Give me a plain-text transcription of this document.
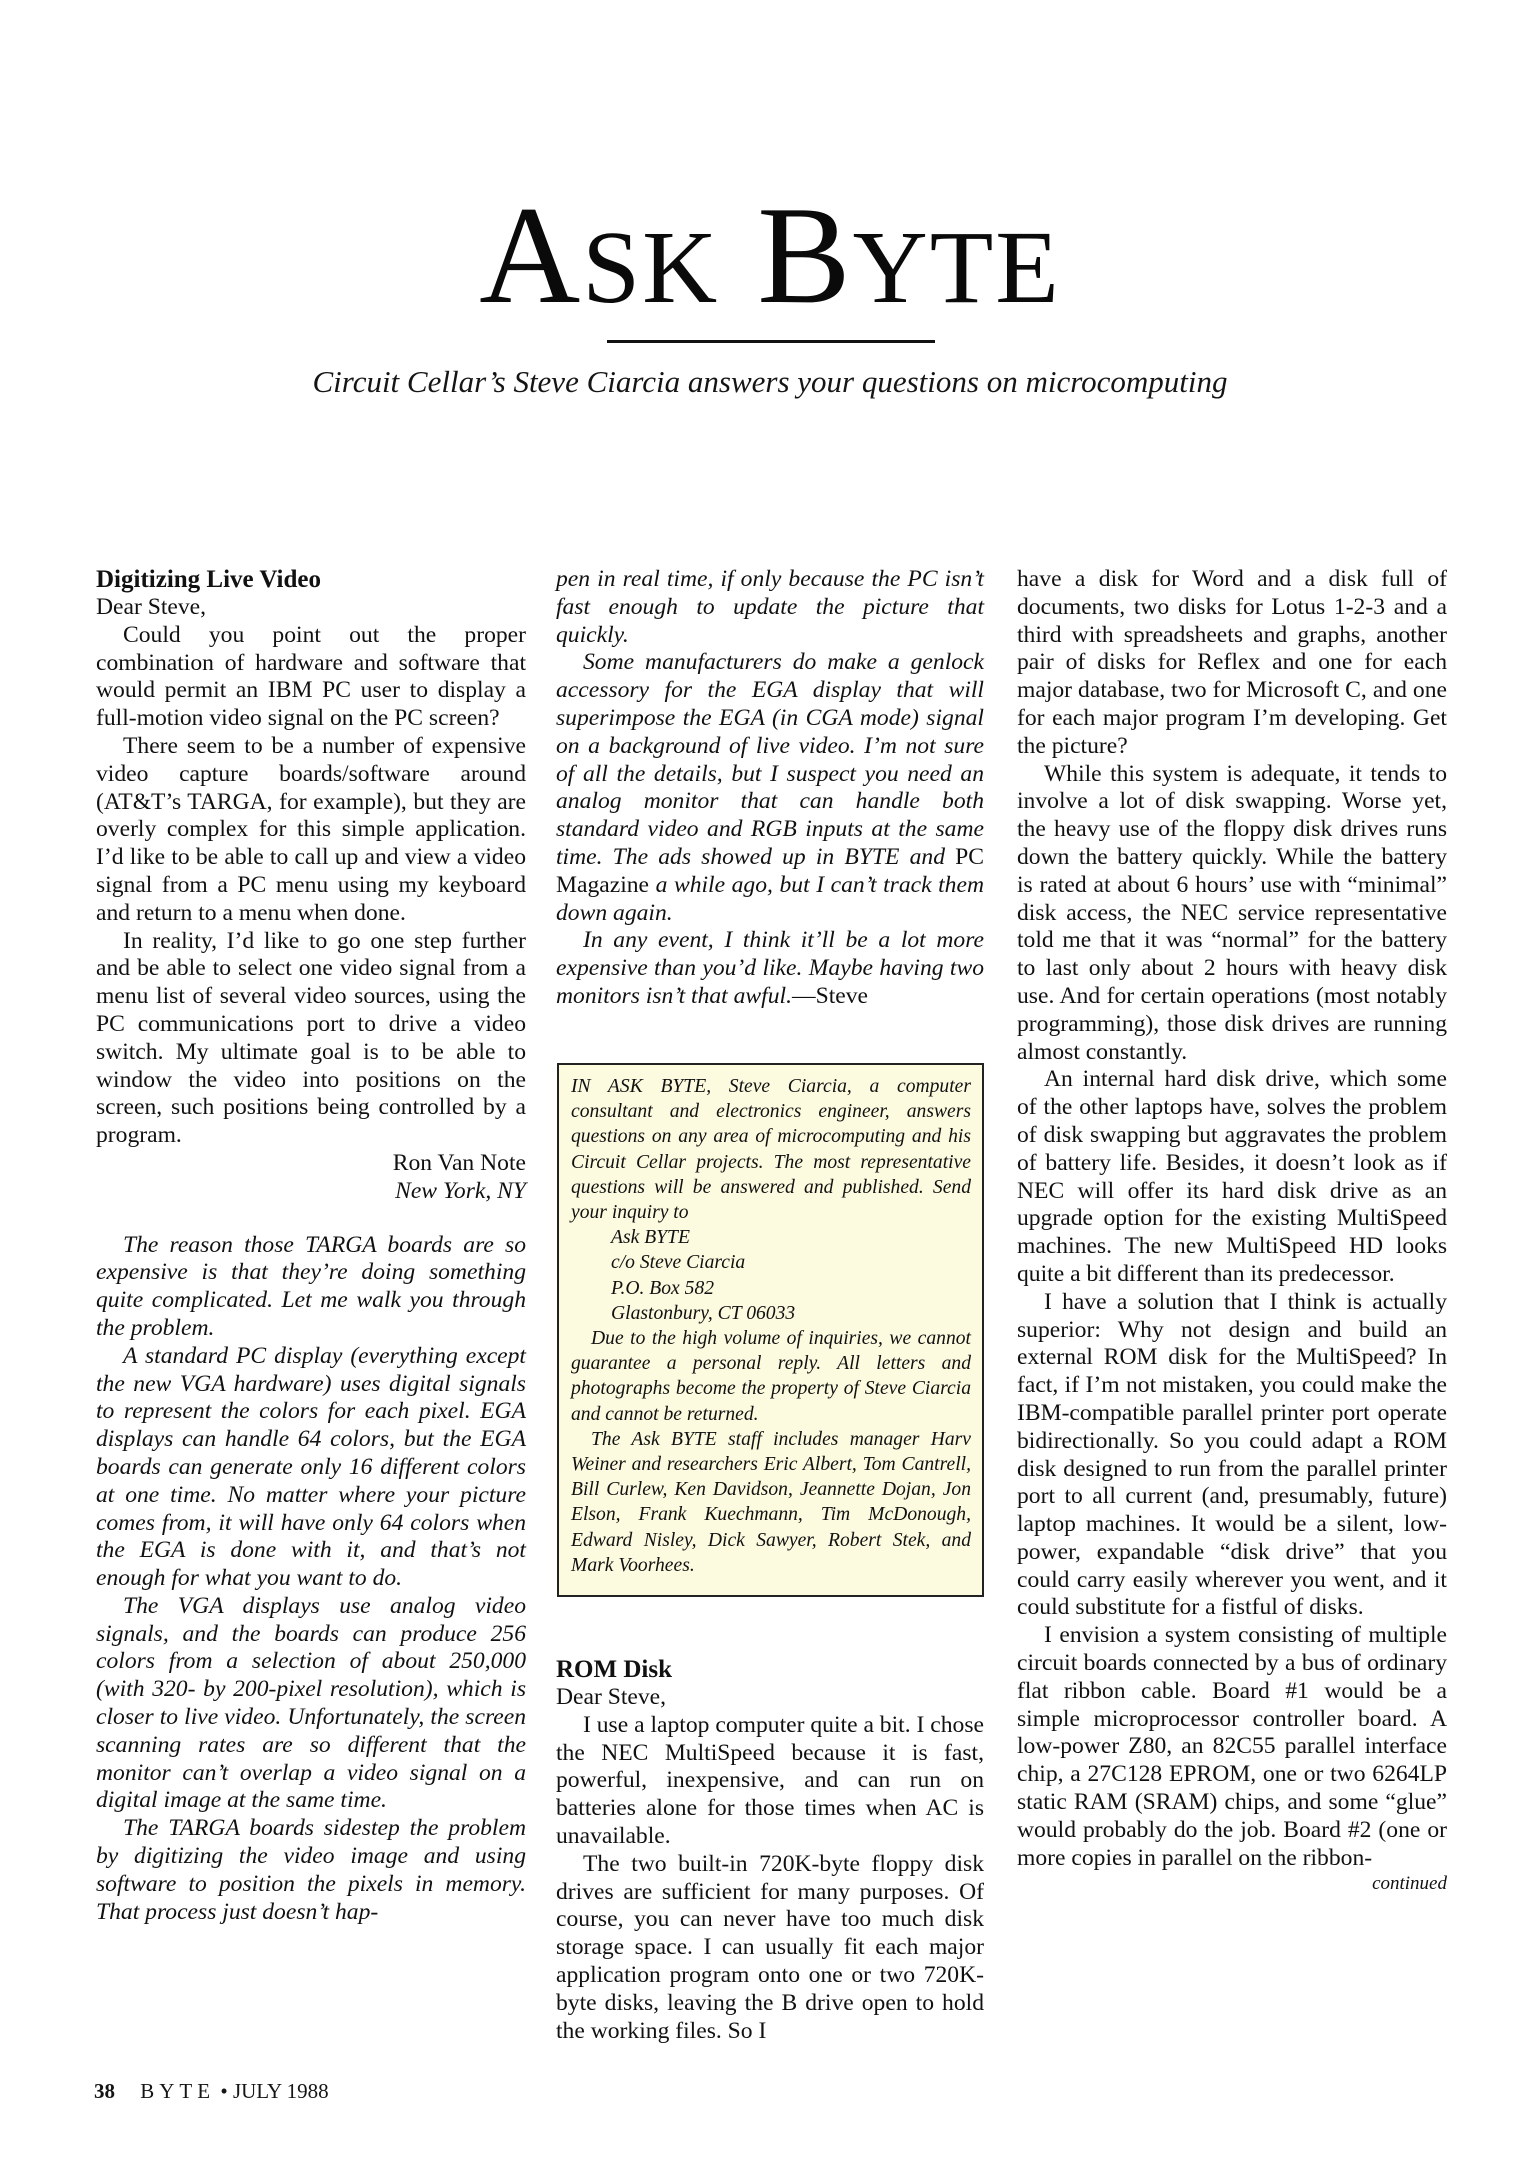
ASK BYTE
Circuit Cellar’s Steve Ciarcia answers your questions on microcomputing
Digitizing Live Video

Dear Steve,

Could you point out the proper combination of hardware and software that would permit an IBM PC user to display a full-motion video signal on the PC screen?

There seem to be a number of expensive video capture boards/software around (AT&T’s TARGA, for example), but they are overly complex for this simple application. I’d like to be able to call up and view a video signal from a PC menu using my keyboard and return to a menu when done.

In reality, I’d like to go one step further and be able to select one video signal from a menu list of several video sources, using the PC communications port to drive a video switch. My ultimate goal is to be able to window the video into positions on the screen, such positions being controlled by a program.

Ron Van Note

New York, NY

The reason those TARGA boards are so expensive is that they’re doing something quite complicated. Let me walk you through the problem.

A standard PC display (everything except the new VGA hardware) uses digital signals to represent the colors for each pixel. EGA displays can handle 64 colors, but the EGA boards can generate only 16 different colors at one time. No matter where your picture comes from, it will have only 64 colors when the EGA is done with it, and that’s not enough for what you want to do.

The VGA displays use analog video signals, and the boards can produce 256 colors from a selection of about 250,000 (with 320- by 200-pixel resolution), which is closer to live video. Unfortunately, the screen scanning rates are so different that the monitor can’t overlap a video signal on a digital image at the same time.

The TARGA boards sidestep the problem by digitizing the video image and using software to position the pixels in memory. That process just doesn’t hap-

pen in real time, if only because the PC isn’t fast enough to update the picture that quickly.

Some manufacturers do make a genlock accessory for the EGA display that will superimpose the EGA (in CGA mode) signal on a background of live video. I’m not sure of all the details, but I suspect you need an analog monitor that can handle both standard video and RGB inputs at the same time. The ads showed up in BYTE and PC Magazine a while ago, but I can’t track them down again.

In any event, I think it’ll be a lot more expensive than you’d like. Maybe having two monitors isn’t that awful.—Steve

IN ASK BYTE, Steve Ciarcia, a computer consultant and electronics engineer, answers questions on any area of microcomputing and his Circuit Cellar projects. The most representative questions will be answered and published. Send your inquiry to

Ask BYTE
c/o Steve Ciarcia
P.O. Box 582
Glastonbury, CT 06033

Due to the high volume of inquiries, we cannot guarantee a personal reply. All letters and photographs become the property of Steve Ciarcia and cannot be returned.

The Ask BYTE staff includes manager Harv Weiner and researchers Eric Albert, Tom Cantrell, Bill Curlew, Ken Davidson, Jeannette Dojan, Jon Elson, Frank Kuechmann, Tim McDonough, Edward Nisley, Dick Sawyer, Robert Stek, and Mark Voorhees.

ROM Disk

Dear Steve,

I use a laptop computer quite a bit. I chose the NEC MultiSpeed because it is fast, powerful, inexpensive, and can run on batteries alone for those times when AC is unavailable.

The two built-in 720K-byte floppy disk drives are sufficient for many purposes. Of course, you can never have too much disk storage space. I can usually fit each major application program onto one or two 720K-byte disks, leaving the B drive open to hold the working files. So I

have a disk for Word and a disk full of documents, two disks for Lotus 1-2-3 and a third with spreadsheets and graphs, another pair of disks for Reflex and one for each major database, two for Microsoft C, and one for each major program I’m developing. Get the picture?

While this system is adequate, it tends to involve a lot of disk swapping. Worse yet, the heavy use of the floppy disk drives runs down the battery quickly. While the battery is rated at about 6 hours’ use with “minimal” disk access, the NEC service representative told me that it was “normal” for the battery to last only about 2 hours with heavy disk use. And for certain operations (most notably programming), those disk drives are running almost constantly.

An internal hard disk drive, which some of the other laptops have, solves the problem of disk swapping but aggravates the problem of battery life. Besides, it doesn’t look as if NEC will offer its hard disk drive as an upgrade option for the existing MultiSpeed machines. The new MultiSpeed HD looks quite a bit different than its predecessor.

I have a solution that I think is actually superior: Why not design and build an external ROM disk for the MultiSpeed? In fact, if I’m not mistaken, you could make the IBM-compatible parallel printer port operate bidirectionally. So you could adapt a ROM disk designed to run from the parallel printer port to all current (and, presumably, future) laptop machines. It would be a silent, low-power, expandable “disk drive” that you could carry easily wherever you went, and it could substitute for a fistful of disks.

I envision a system consisting of multiple circuit boards connected by a bus of ordinary flat ribbon cable. Board #1 would be a simple microprocessor controller board. A low-power Z80, an 82C55 parallel interface chip, a 27C128 EPROM, one or two 6264LP static RAM (SRAM) chips, and some “glue” would probably do the job. Board #2 (one or more copies in parallel on the ribbon-

continued

38 BYTE • JULY 1988
